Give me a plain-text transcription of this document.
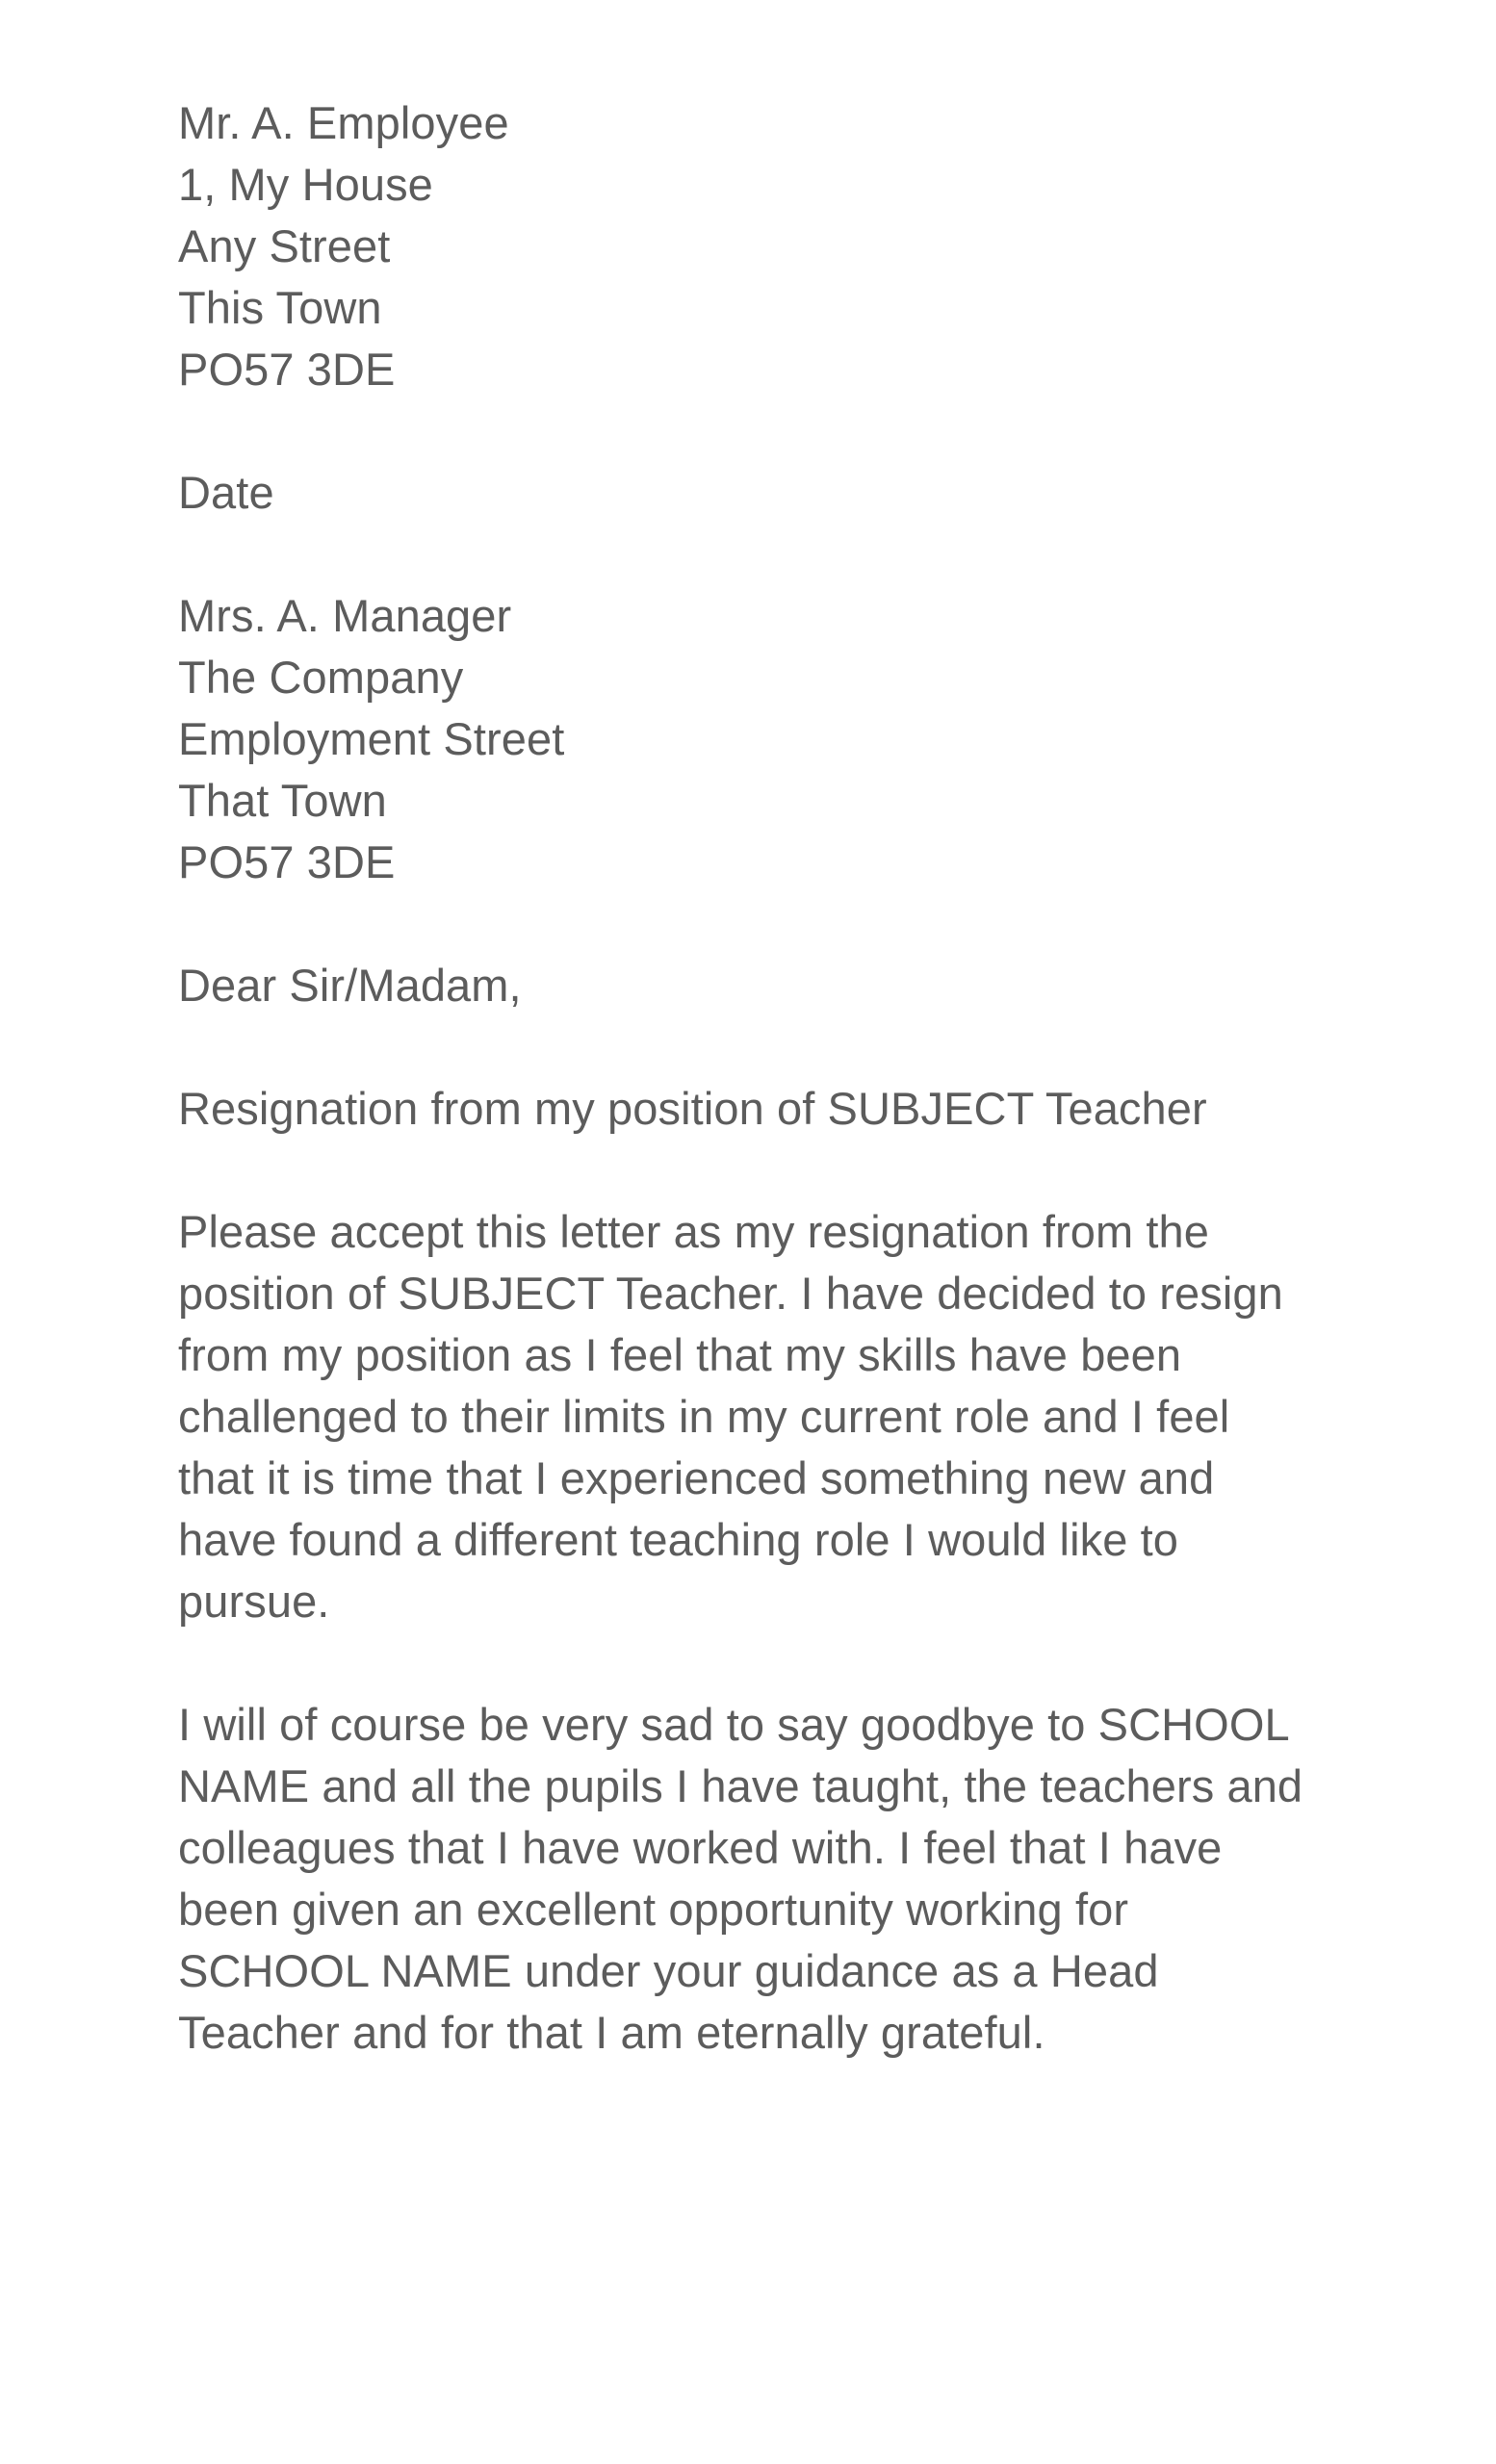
Mr. A. Employee
1, My House
Any Street
This Town
PO57 3DE
Date
Mrs. A. Manager
The Company
Employment Street
That Town
PO57 3DE
Dear Sir/Madam,

Resignation from my position of SUBJECT Teacher

Please accept this letter as my resignation from the position of SUBJECT Teacher. I have decided to resign from my position as I feel that my skills have been challenged to their limits in my current role and I feel that it is time that I experienced something new and have found a different teaching role I would like to pursue.

I will of course be very sad to say goodbye to SCHOOL NAME and all the pupils I have taught, the teachers and colleagues that I have worked with. I feel that I have been given an excellent opportunity working for SCHOOL NAME under your guidance as a Head Teacher and for that I am eternally grateful.
